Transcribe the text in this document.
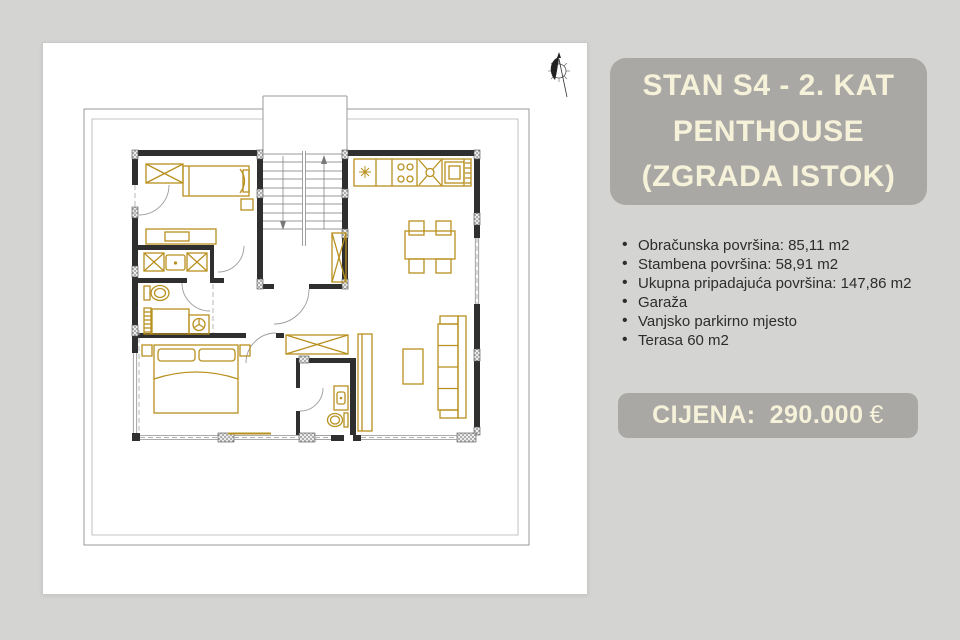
STAN S4 - 2. KAT
PENTHOUSE
(ZGRADA ISTOK)
• Obračunska površina: 85,11 m2
• Stambena površina: 58,91 m2
• Ukupna pripadajuća površina: 147,86 m2
• Garaža
• Vanjsko parkirno mjesto
• Terasa 60 m2
CIJENA: 290.000 €
